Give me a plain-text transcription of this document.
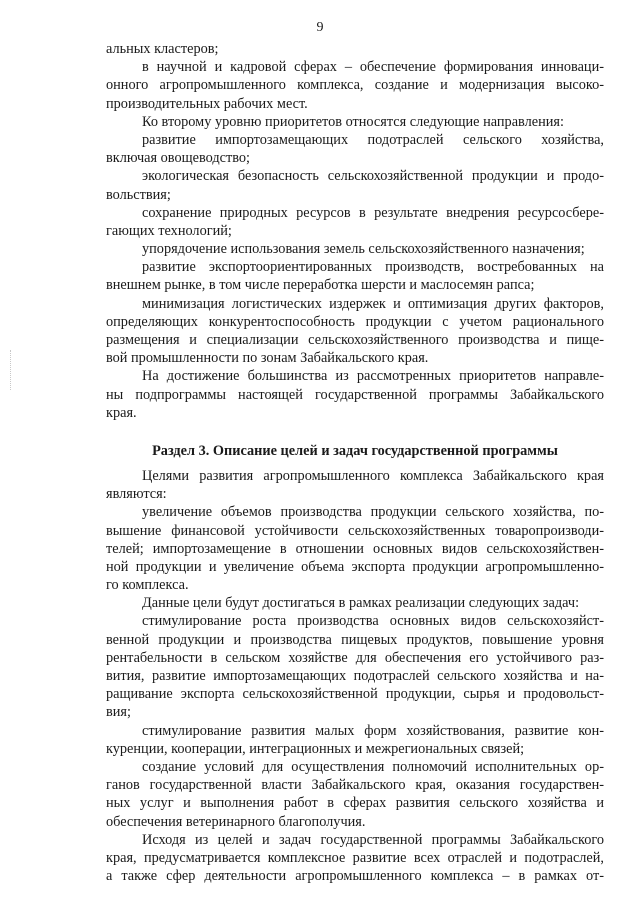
9
альных кластеров;
в научной и кадровой сферах – обеспечение формирования инноваци-
онного агропромышленного комплекса, создание и модернизация высоко-
производительных рабочих мест.
Ко второму уровню приоритетов относятся следующие направления:
развитие импортозамещающих подотраслей сельского хозяйства,
включая овощеводство;
экологическая безопасность сельскохозяйственной продукции и продо-
вольствия;
сохранение природных ресурсов в результате внедрения ресурсосбере-
гающих технологий;
упорядочение использования земель сельскохозяйственного назначения;
развитие экспортоориентированных производств, востребованных на
внешнем рынке, в том числе переработка шерсти и маслосемян рапса;
минимизация логистических издержек и оптимизация других факторов,
определяющих конкурентоспособность продукции с учетом рационального
размещения и специализации сельскохозяйственного производства и пище-
вой промышленности по зонам Забайкальского края.
На достижение большинства из рассмотренных приоритетов направле-
ны подпрограммы настоящей государственной программы Забайкальского
края.
Раздел 3. Описание целей и задач государственной программы
Целями развития агропромышленного комплекса Забайкальского края
являются:
увеличение объемов производства продукции сельского хозяйства, по-
вышение финансовой устойчивости сельскохозяйственных товаропроизводи-
телей; импортозамещение в отношении основных видов сельскохозяйствен-
ной продукции и увеличение объема экспорта продукции агропромышленно-
го комплекса.
Данные цели будут достигаться в рамках реализации следующих задач:
стимулирование роста производства основных видов сельскохозяйст-
венной продукции и производства пищевых продуктов, повышение уровня
рентабельности в сельском хозяйстве для обеспечения его устойчивого раз-
вития, развитие импортозамещающих подотраслей сельского хозяйства и на-
ращивание экспорта сельскохозяйственной продукции, сырья и продовольст-
вия;
стимулирование развития малых форм хозяйствования, развитие кон-
куренции, кооперации, интеграционных и межрегиональных связей;
создание условий для осуществления полномочий исполнительных ор-
ганов государственной власти Забайкальского края, оказания государствен-
ных услуг и выполнения работ в сферах развития сельского хозяйства и
обеспечения ветеринарного благополучия.
Исходя из целей и задач государственной программы Забайкальского
края, предусматривается комплексное развитие всех отраслей и подотраслей,
а также сфер деятельности агропромышленного комплекса – в рамках от-
